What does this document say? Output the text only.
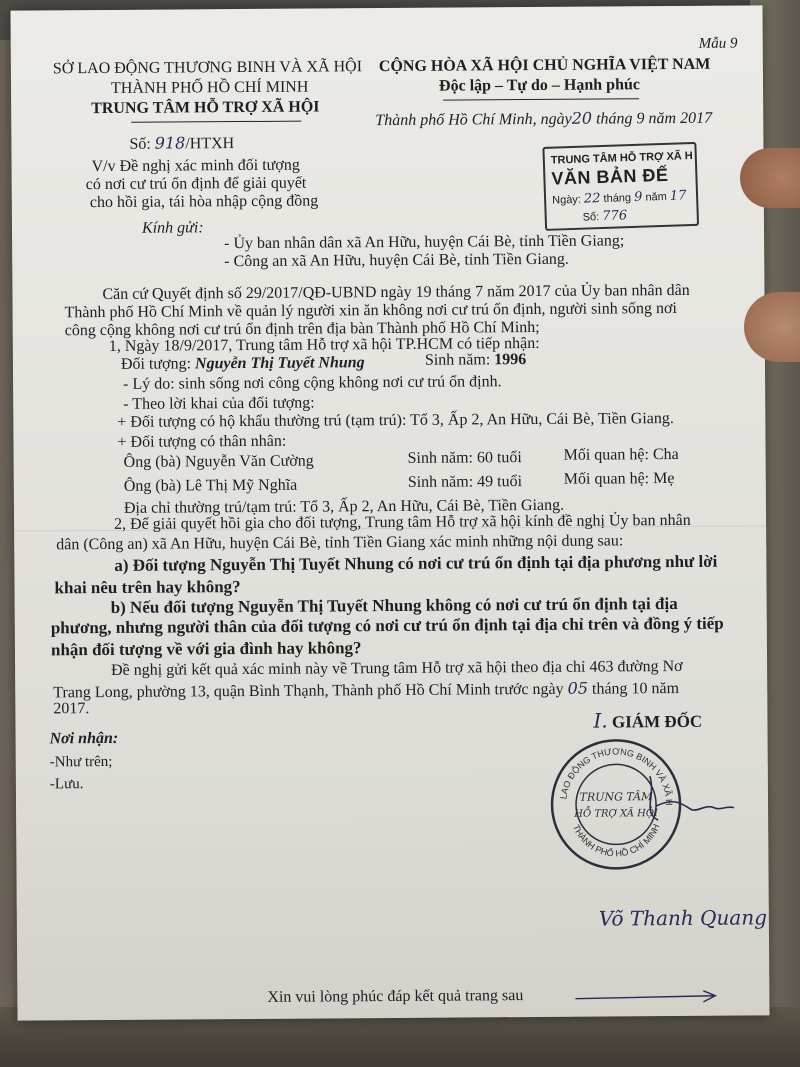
SỞ LAO ĐỘNG THƯƠNG BINH VÀ XÃ HỘI
THÀNH PHỐ HỒ CHÍ MINH
TRUNG TÂM HỖ TRỢ XÃ HỘI
Số: 918/HTXH
Mẫu 9
CỘNG HÒA XÃ HỘI CHỦ NGHĨA VIỆT NAM
Độc lập – Tự do – Hạnh phúc
Thành phố Hồ Chí Minh, ngày20 tháng 9 năm 2017
V/v Đề nghị xác minh đối tượng
có nơi cư trú ổn định để giải quyết
cho hồi gia, tái hòa nhập cộng đồng
TRUNG TÂM HỖ TRỢ XÃ H
VĂN BẢN ĐẾ
Ngày: 22 tháng 9 năm 17
Số: 776
Kính gửi:
- Ủy ban nhân dân xã An Hữu, huyện Cái Bè, tỉnh Tiền Giang;
- Công an xã An Hữu, huyện Cái Bè, tỉnh Tiền Giang.
Căn cứ Quyết định số 29/2017/QĐ-UBND ngày 19 tháng 7 năm 2017 của Ủy ban nhân dân
Thành phố Hồ Chí Minh về quản lý người xin ăn không nơi cư trú ổn định, người sinh sống nơi
công cộng không nơi cư trú ổn định trên địa bàn Thành phố Hồ Chí Minh;
1, Ngày 18/9/2017, Trung tâm Hỗ trợ xã hội TP.HCM có tiếp nhận:
Đối tượng: Nguyễn Thị Tuyết Nhung	Sinh năm: 1996
- Lý do: sinh sống nơi công cộng không nơi cư trú ổn định.
- Theo lời khai của đối tượng:
+ Đối tượng có hộ khẩu thường trú (tạm trú): Tổ 3, Ấp 2, An Hữu, Cái Bè, Tiền Giang.
+ Đối tượng có thân nhân:
Ông (bà) Nguyễn Văn Cường	Sinh năm: 60 tuổi	Mối quan hệ: Cha
Ông (bà) Lê Thị Mỹ Nghĩa	Sinh năm: 49 tuổi	Mối quan hệ: Mẹ
Địa chỉ thường trú/tạm trú: Tổ 3, Ấp 2, An Hữu, Cái Bè, Tiền Giang.
2, Để giải quyết hồi gia cho đối tượng, Trung tâm Hỗ trợ xã hội kính đề nghị Ủy ban nhân
dân (Công an) xã An Hữu, huyện Cái Bè, tỉnh Tiền Giang xác minh những nội dung sau:
a) Đối tượng Nguyễn Thị Tuyết Nhung có nơi cư trú ổn định tại địa phương như lời
khai nêu trên hay không?
b) Nếu đối tượng Nguyễn Thị Tuyết Nhung không có nơi cư trú ổn định tại địa
phương, nhưng người thân của đối tượng có nơi cư trú ổn định tại địa chỉ trên và đồng ý tiếp
nhận đối tượng về với gia đình hay không?
Đề nghị gửi kết quả xác minh này về Trung tâm Hỗ trợ xã hội theo địa chỉ 463 đường Nơ
Trang Long, phường 13, quận Bình Thạnh, Thành phố Hồ Chí Minh trước ngày 05 tháng 10 năm
2017.
Nơi nhận:
-Như trên;
-Lưu.
I. GIÁM ĐỐC
LAO ĐỘNG THƯƠNG BINH VÀ XÃ HỘI
THÀNH PHỐ HỒ CHÍ MINH
TRUNG TÂM
HỖ TRỢ XÃ HỘI
Võ Thanh Quang
Xin vui lòng phúc đáp kết quả trang sau
